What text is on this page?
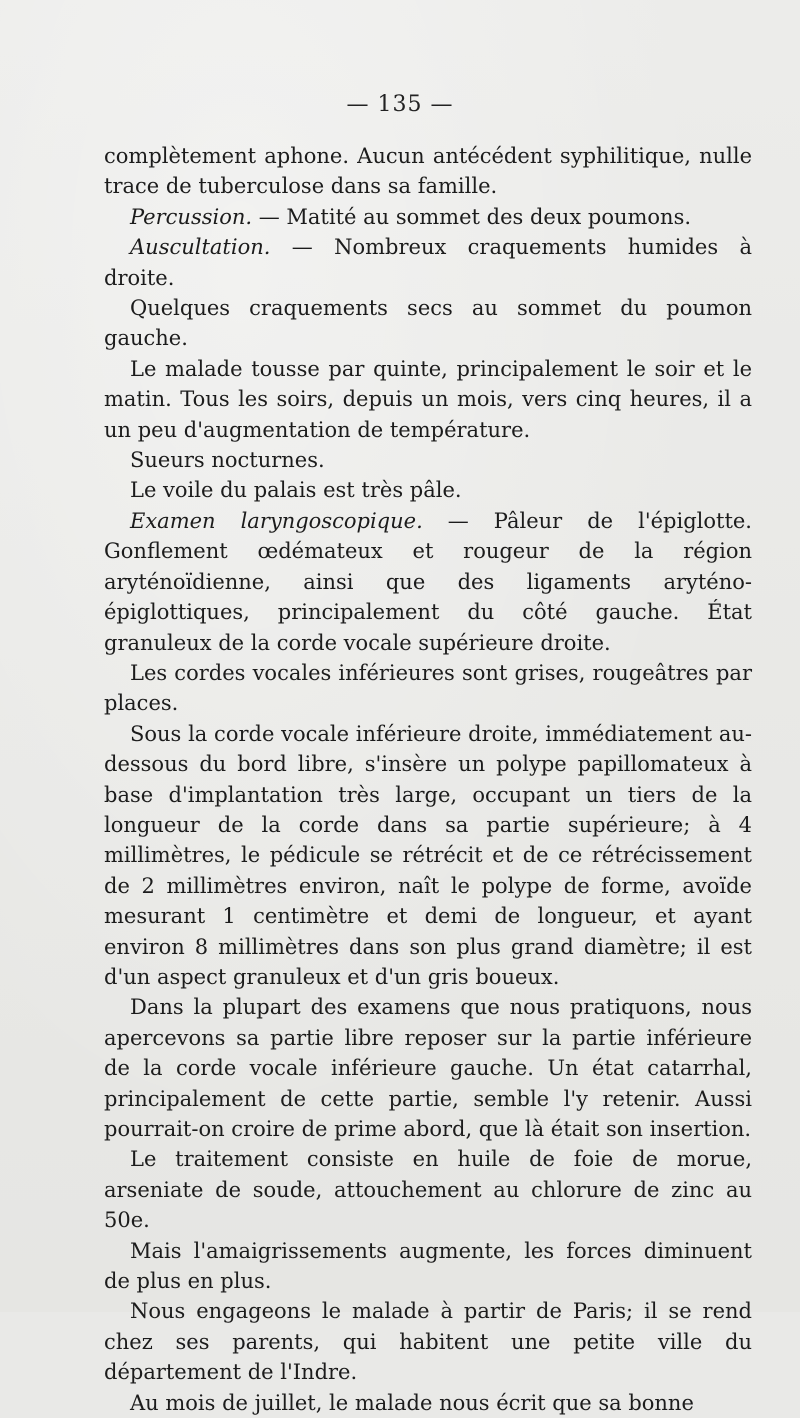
— 135 —

complètement aphone. Aucun antécédent syphilitique, nulle trace de tuberculose dans sa famille.

Percussion. — Matité au sommet des deux poumons.

Auscultation. — Nombreux craquements humides à droite.

Quelques craquements secs au sommet du poumon gauche.

Le malade tousse par quinte, principalement le soir et le matin. Tous les soirs, depuis un mois, vers cinq heures, il a un peu d'augmentation de température.

Sueurs nocturnes.

Le voile du palais est très pâle.

Examen laryngoscopique. — Pâleur de l'épiglotte. Gonflement œdémateux et rougeur de la région aryténoïdienne, ainsi que des ligaments aryténo-épiglottiques, principalement du côté gauche. État granuleux de la corde vocale supérieure droite.

Les cordes vocales inférieures sont grises, rougeâtres par places.

Sous la corde vocale inférieure droite, immédiatement au-dessous du bord libre, s'insère un polype papillomateux à base d'implantation très large, occupant un tiers de la longueur de la corde dans sa partie supérieure; à 4 millimètres, le pédicule se rétrécit et de ce rétrécissement de 2 millimètres environ, naît le polype de forme, avoïde mesurant 1 centimètre et demi de longueur, et ayant environ 8 millimètres dans son plus grand diamètre; il est d'un aspect granuleux et d'un gris boueux.

Dans la plupart des examens que nous pratiquons, nous apercevons sa partie libre reposer sur la partie inférieure de la corde vocale inférieure gauche. Un état catarrhal, principalement de cette partie, semble l'y retenir. Aussi pourrait-on croire de prime abord, que là était son insertion.

Le traitement consiste en huile de foie de morue, arseniate de soude, attouchement au chlorure de zinc au 50e.

Mais l'amaigrissements augmente, les forces diminuent de plus en plus.

Nous engageons le malade à partir de Paris; il se rend chez ses parents, qui habitent une petite ville du département de l'Indre.

Au mois de juillet, le malade nous écrit que sa bonne
